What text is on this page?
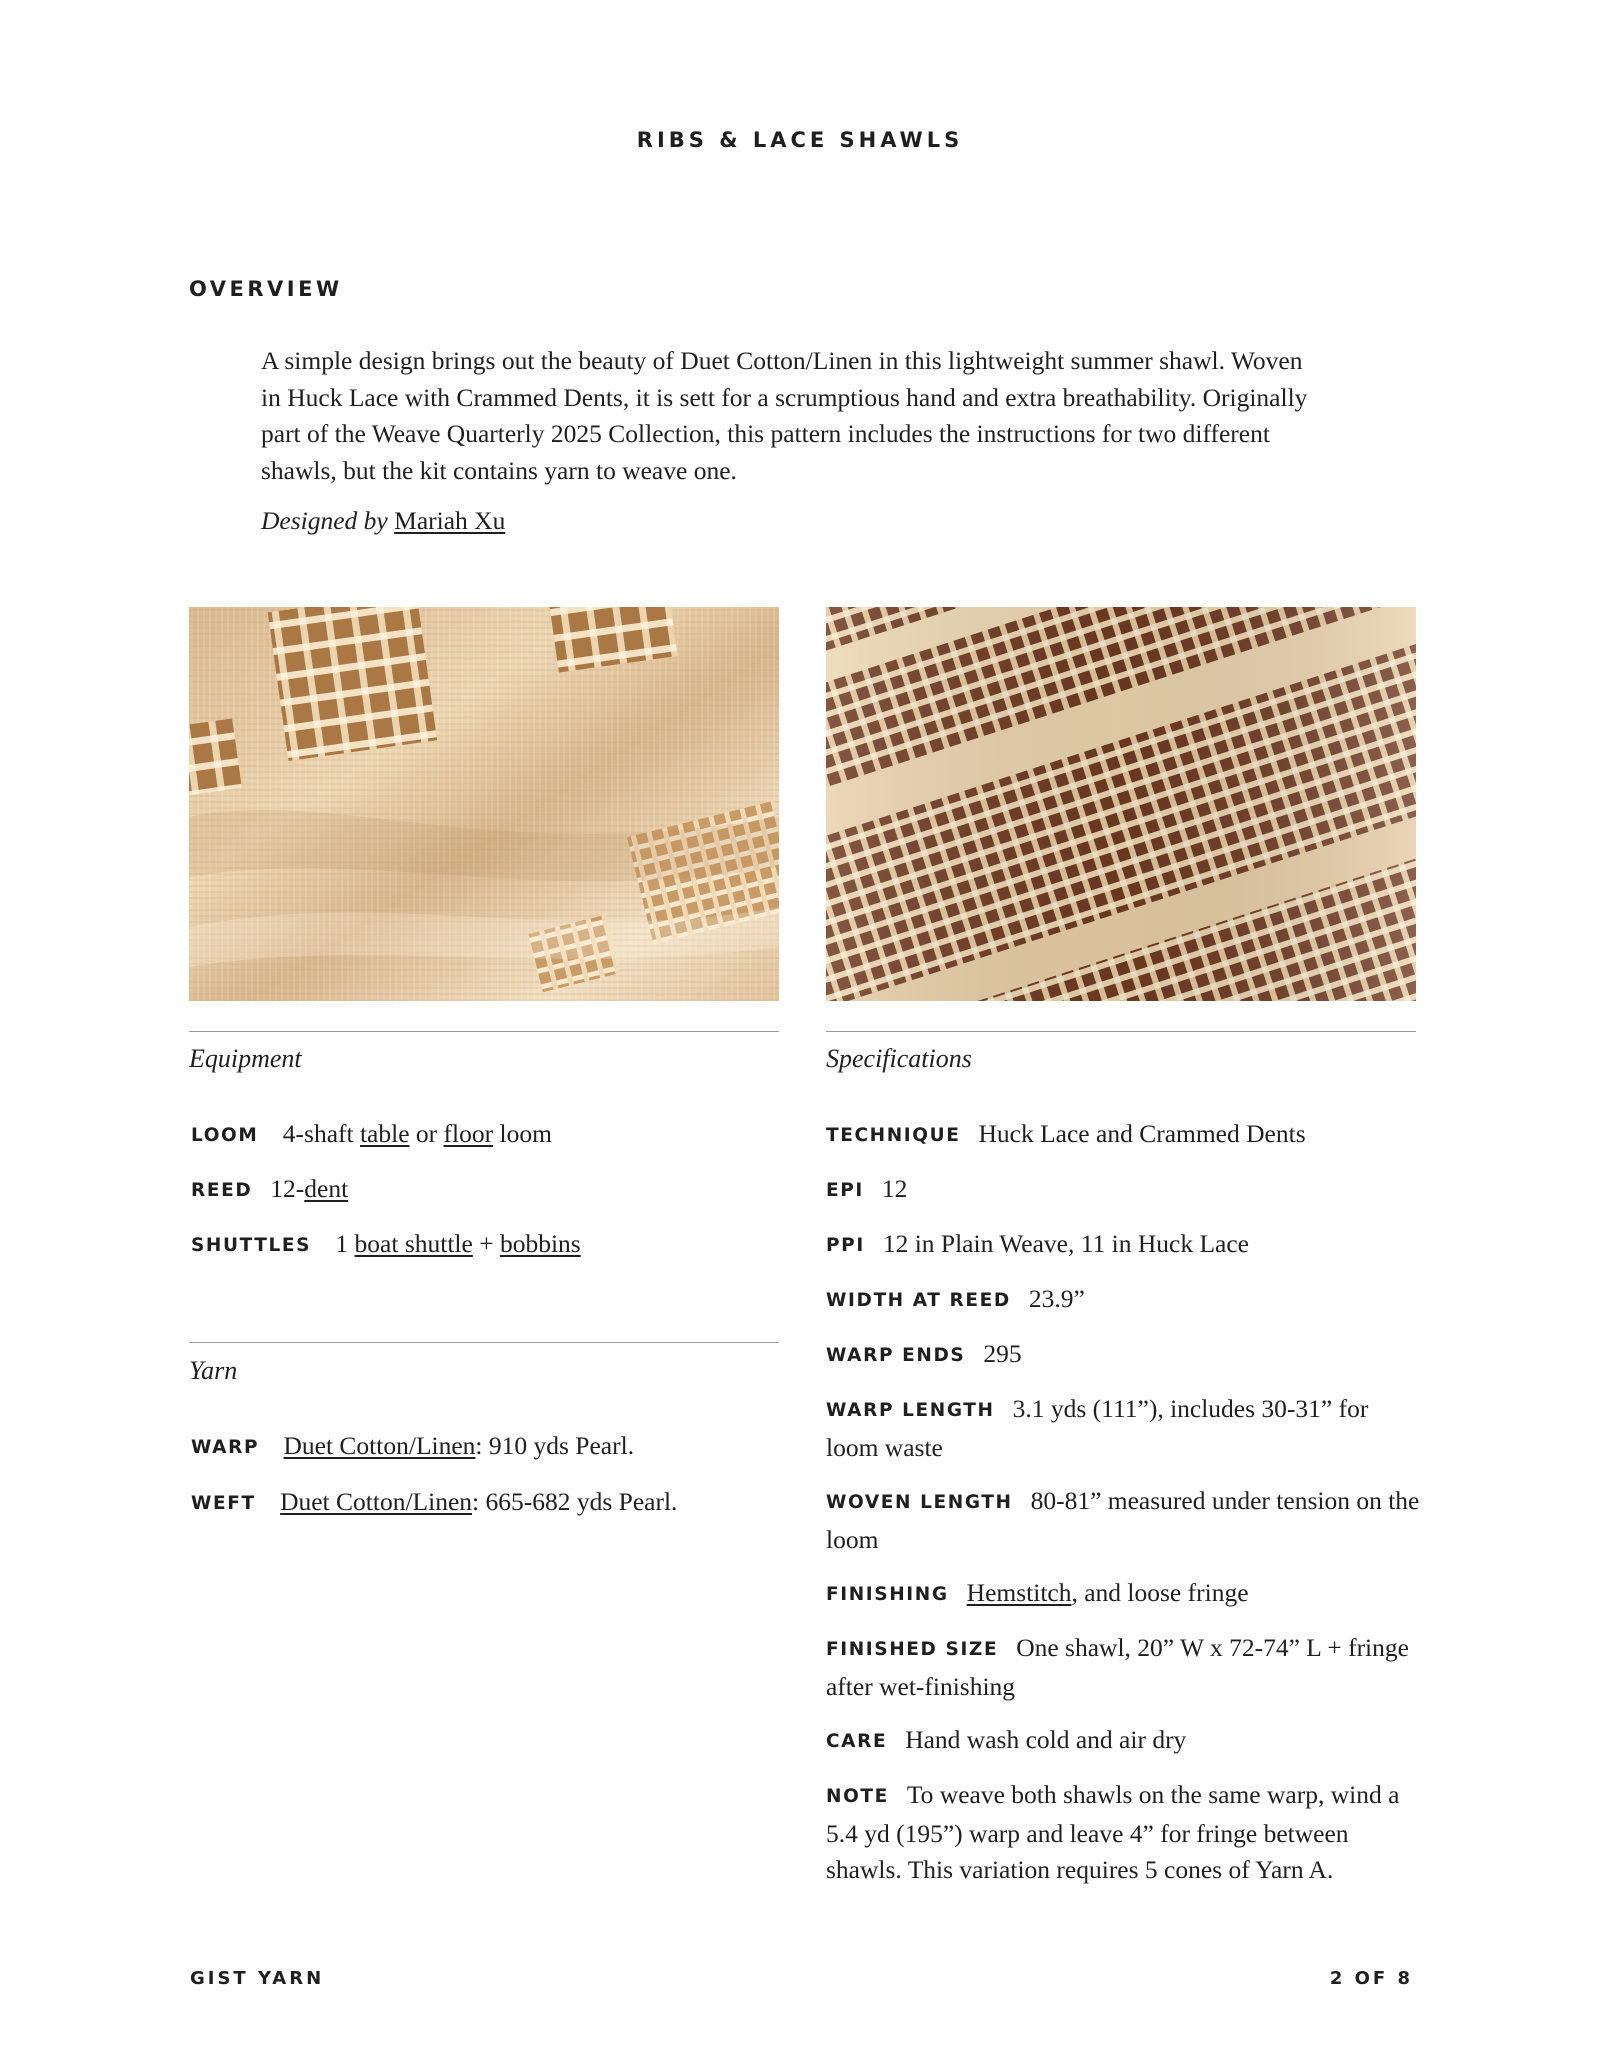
RIBS & LACE SHAWLS
OVERVIEW

A simple design brings out the beauty of Duet Cotton/Linen in this lightweight summer shawl. Woven in Huck Lace with Crammed Dents, it is sett for a scrumptious hand and extra breathability. Originally part of the Weave Quarterly 2025 Collection, this pattern includes the instructions for two different shawls, but the kit contains yarn to weave one.

Designed by Mariah Xu

Equipment

LOOM 4-shaft table or floor loom

REED 12-dent

SHUTTLES 1 boat shuttle + bobbins

Yarn

WARP Duet Cotton/Linen: 910 yds Pearl.

WEFT Duet Cotton/Linen: 665-682 yds Pearl.

Specifications

TECHNIQUE Huck Lace and Crammed Dents

EPI 12

PPI 12 in Plain Weave, 11 in Huck Lace

WIDTH AT REED 23.9”

WARP ENDS 295

WARP LENGTH 3.1 yds (111”), includes 30-31” for loom waste

WOVEN LENGTH 80-81” measured under tension on the loom

FINISHING Hemstitch, and loose fringe

FINISHED SIZE One shawl, 20” W x 72-74” L + fringe after wet-finishing

CARE Hand wash cold and air dry

NOTE To weave both shawls on the same warp, wind a 5.4 yd (195”) warp and leave 4” for fringe between shawls. This variation requires 5 cones of Yarn A.

GIST YARN	2 OF 8
